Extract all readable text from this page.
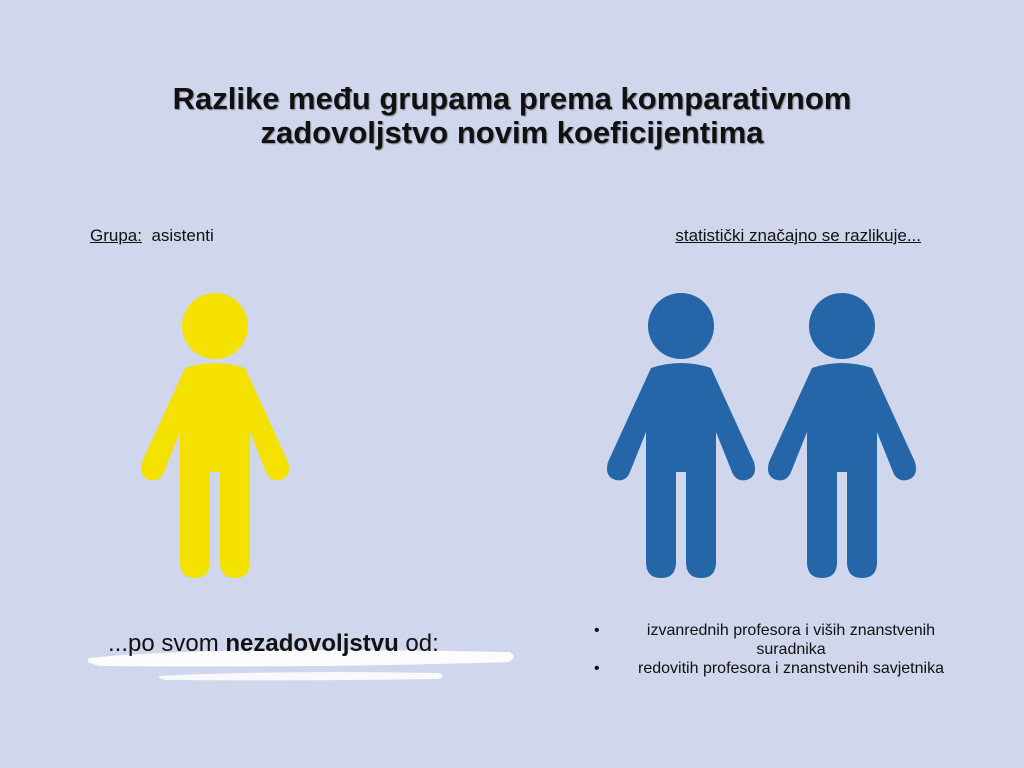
Razlike među grupama prema komparativnom
zadovoljstvo novim koeficijentima
Grupa: asistenti	statistički značajno se razlikuje...
...po svom nezadovoljstvu od:	•	izvanrednih profesora i viših znanstvenih suradnika
• redovitih profesora i znanstvenih savjetnika
